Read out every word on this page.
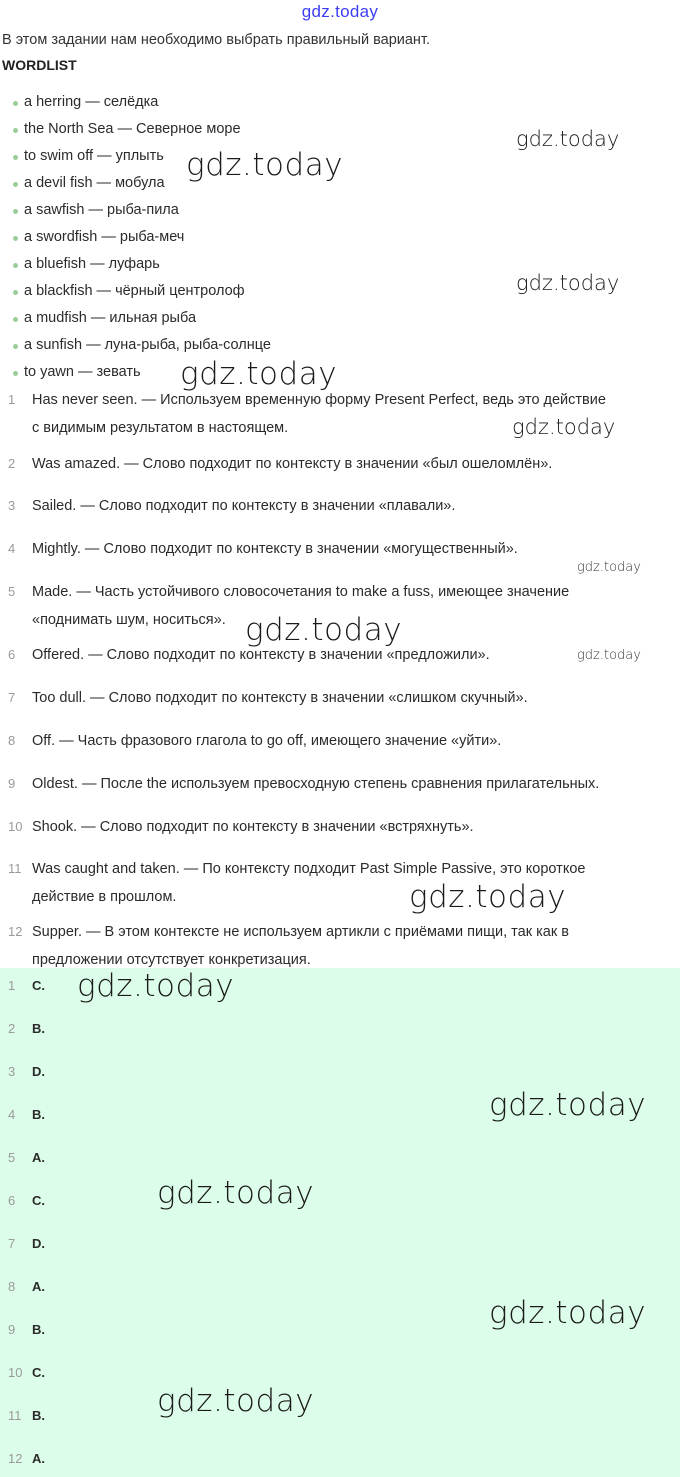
gdz.today
В этом задании нам необходимо выбрать правильный вариант.
WORDLIST
a herring — селёдка
the North Sea — Северное море
to swim off — уплыть
a devil fish — мобула
a sawfish — рыба-пила
a swordfish — рыба-меч
a bluefish — луфарь
a blackfish — чёрный центролоф
a mudfish — ильная рыба
a sunfish — луна-рыба, рыба-солнце
to yawn — зевать
1	Has never seen. — Используем временную форму Present Perfect, ведь это действие
с видимым результатом в настоящем.
2	Was amazed. — Слово подходит по контексту в значении «был ошеломлён».
3	Sailed. — Слово подходит по контексту в значении «плавали».
4	Mightly. — Слово подходит по контексту в значении «могущественный».
5	Made. — Часть устойчивого словосочетания to make a fuss, имеющее значение
«поднимать шум, носиться».
6	Offered. — Слово подходит по контексту в значении «предложили».
7	Too dull. — Слово подходит по контексту в значении «слишком скучный».
8	Off. — Часть фразового глагола to go off, имеющего значение «уйти».
9	Oldest. — После the используем превосходную степень сравнения прилагательных.
10 Shook. — Слово подходит по контексту в значении «встряхнуть».
11 Was caught and taken. — По контексту подходит Past Simple Passive, это короткое
действие в прошлом.
12 Supper. — В этом контексте не используем артикли с приёмами пищи, так как в
предложении отсутствует конкретизация.
1	C.
2	B.
3	D.
4	B.
5	A.
6	C.
7	D.
8	A.
9	B.
10 C.
11 B.
12 A.
gdz.today
gdz.today
gdz.today
gdz.today
gdz.today
gdz.today
gdz.today
gdz.today
gdz.today
gdz.today
gdz.today
gdz.today
gdz.today
gdz.today
